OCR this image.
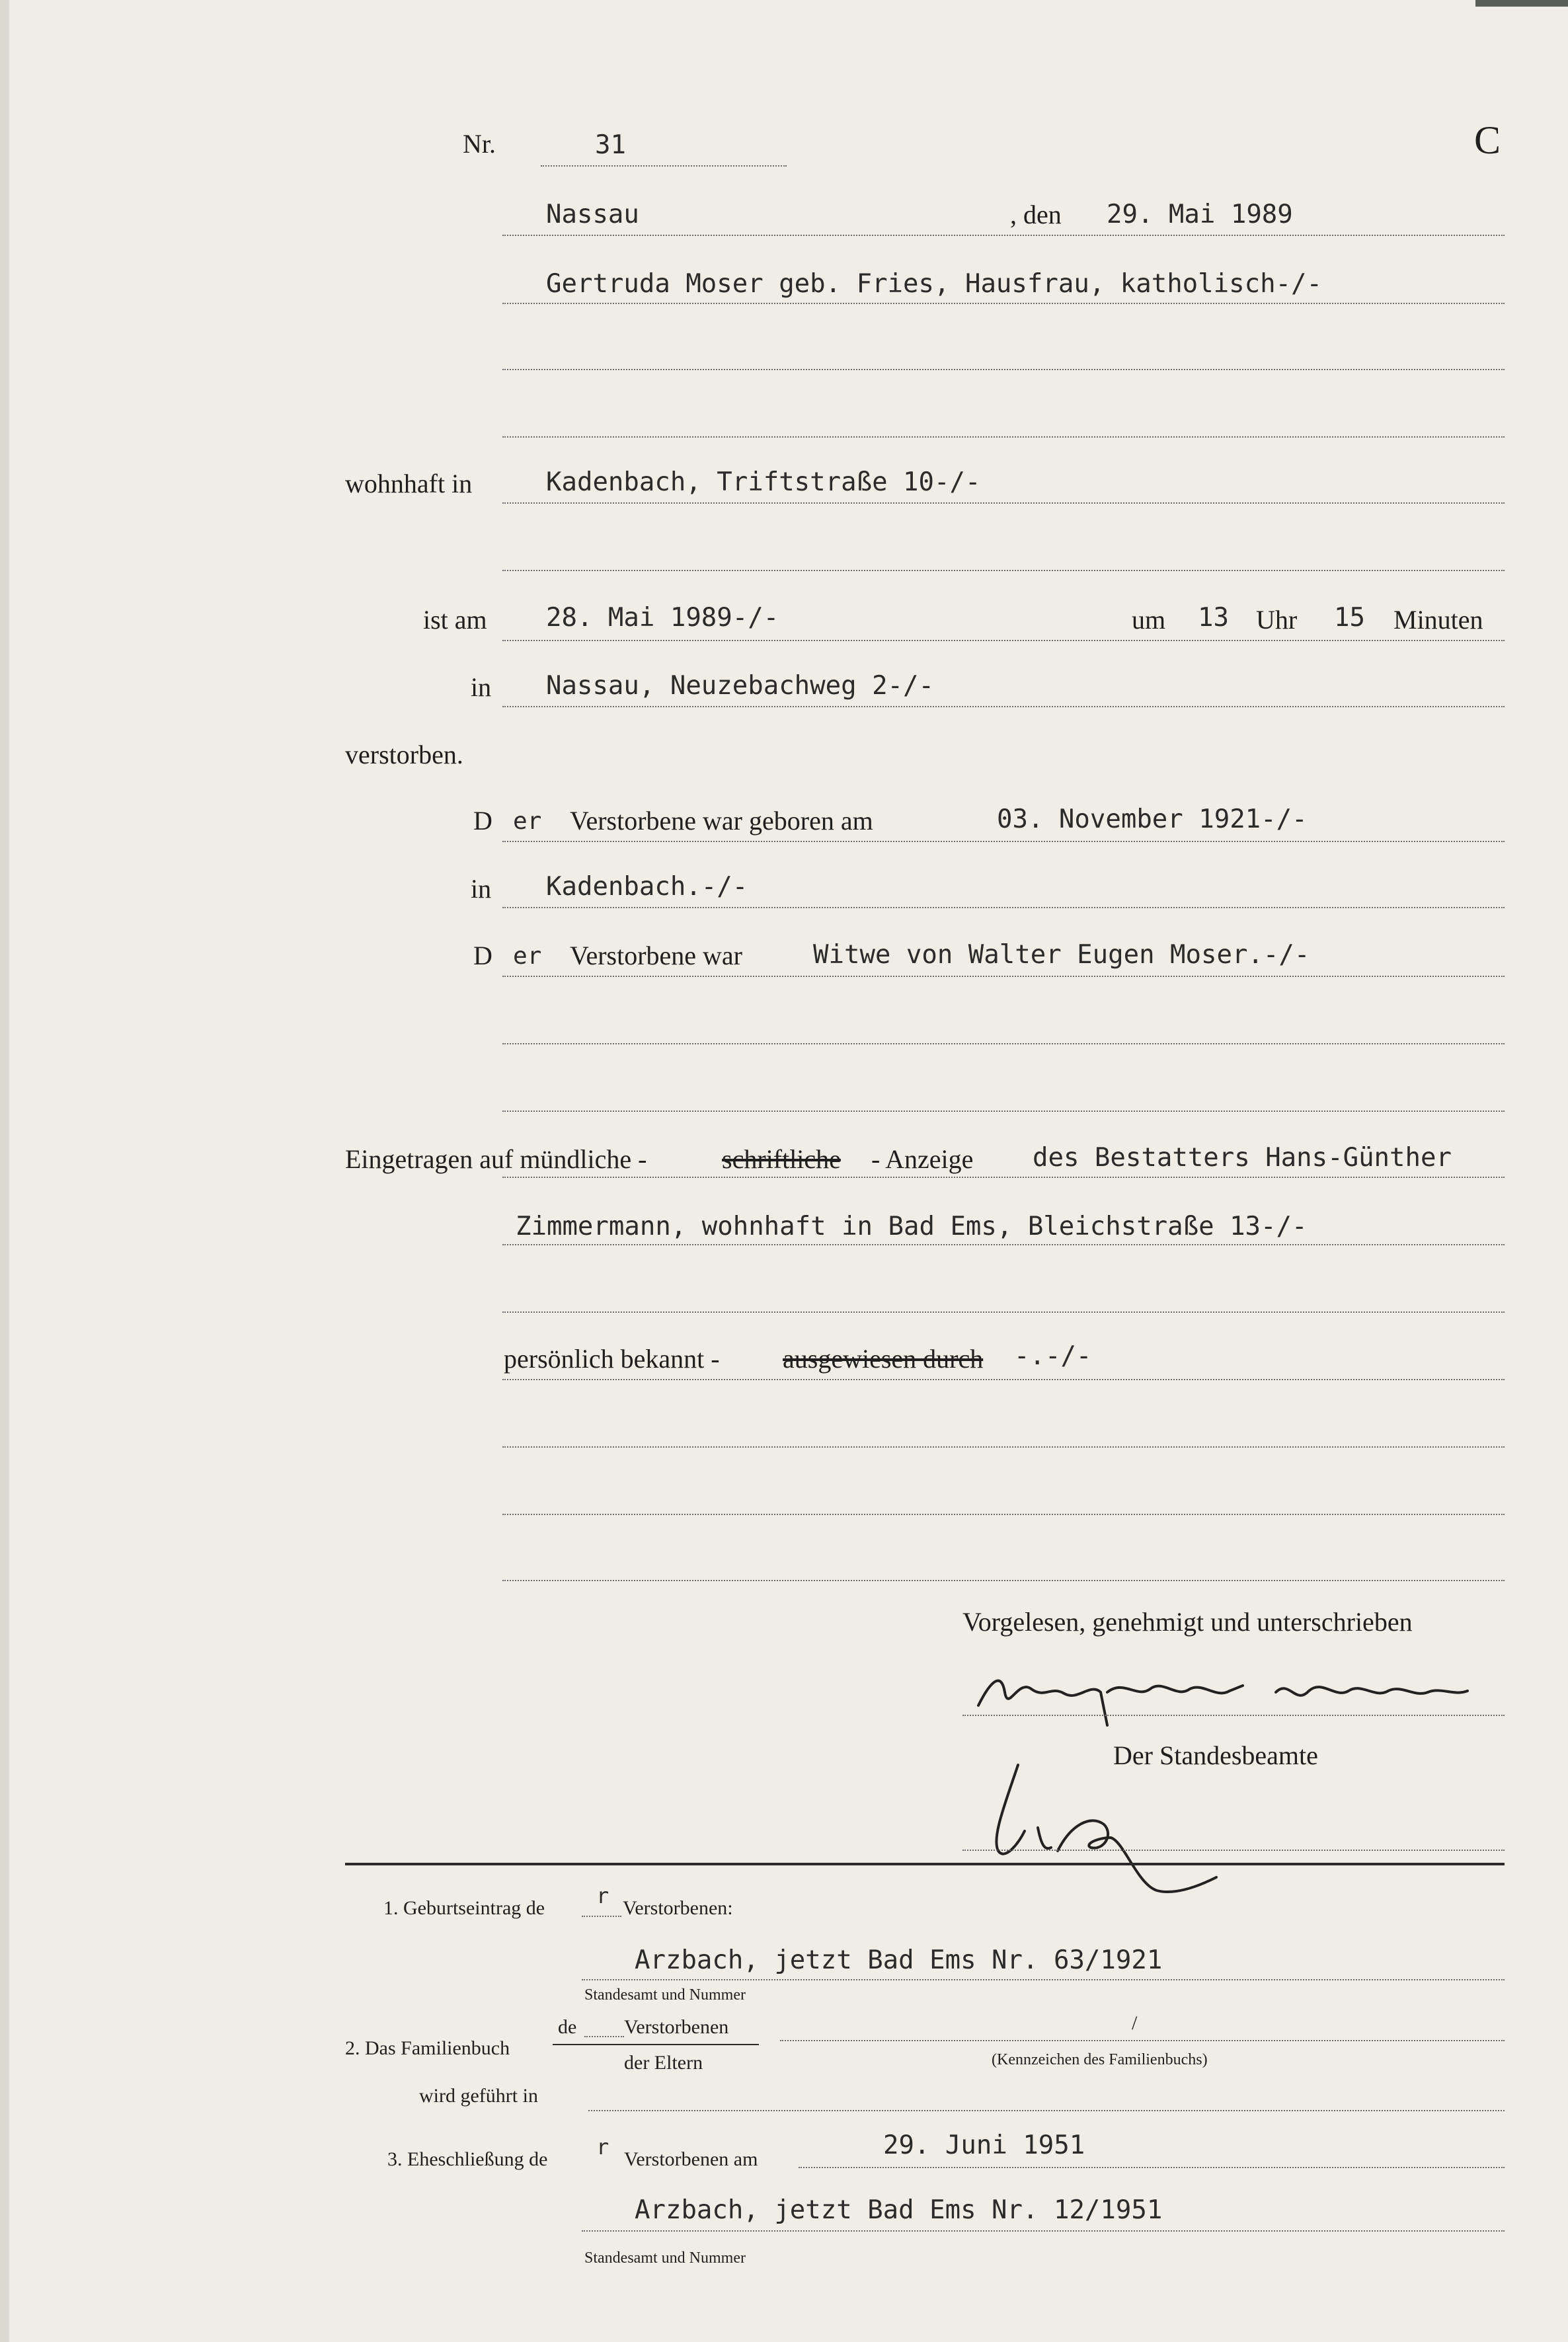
Nr.	31	C
Nassau	, den 29. Mai 1989
Gertruda Moser geb. Fries, Hausfrau, katholisch-/-
wohnhaft in	Kadenbach, Triftstraße 10-/-
ist am 28. Mai 1989-/-	um 13 Uhr 15 Minuten
in Nassau, Neuzebachweg 2-/-
verstorben.
D er Verstorbene war geboren am	03. November 1921-/-
in Kadenbach.-/-
D er Verstorbene war	Witwe von Walter Eugen Moser.-/-
Eingetragen auf mündliche -	schriftliche - Anzeige des Bestatters Hans-Günther
Zimmermann, wohnhaft in Bad Ems, Bleichstraße 13-/-
persönlich bekannt - ausgewiesen durch -.-/-
Vorgelesen, genehmigt und unterschrieben
Der Standesbeamte
1. Geburtseintrag de r Verstorbenen:
Arzbach, jetzt Bad Ems Nr. 63/1921
Standesamt und Nummer
de Verstorbenen
2. Das Familienbuch
der Eltern
/
(Kennzeichen des Familienbuchs)
wird geführt in
3. Eheschließung de r Verstorbenen am	29. Juni 1951
Arzbach, jetzt Bad Ems Nr. 12/1951
Standesamt und Nummer
